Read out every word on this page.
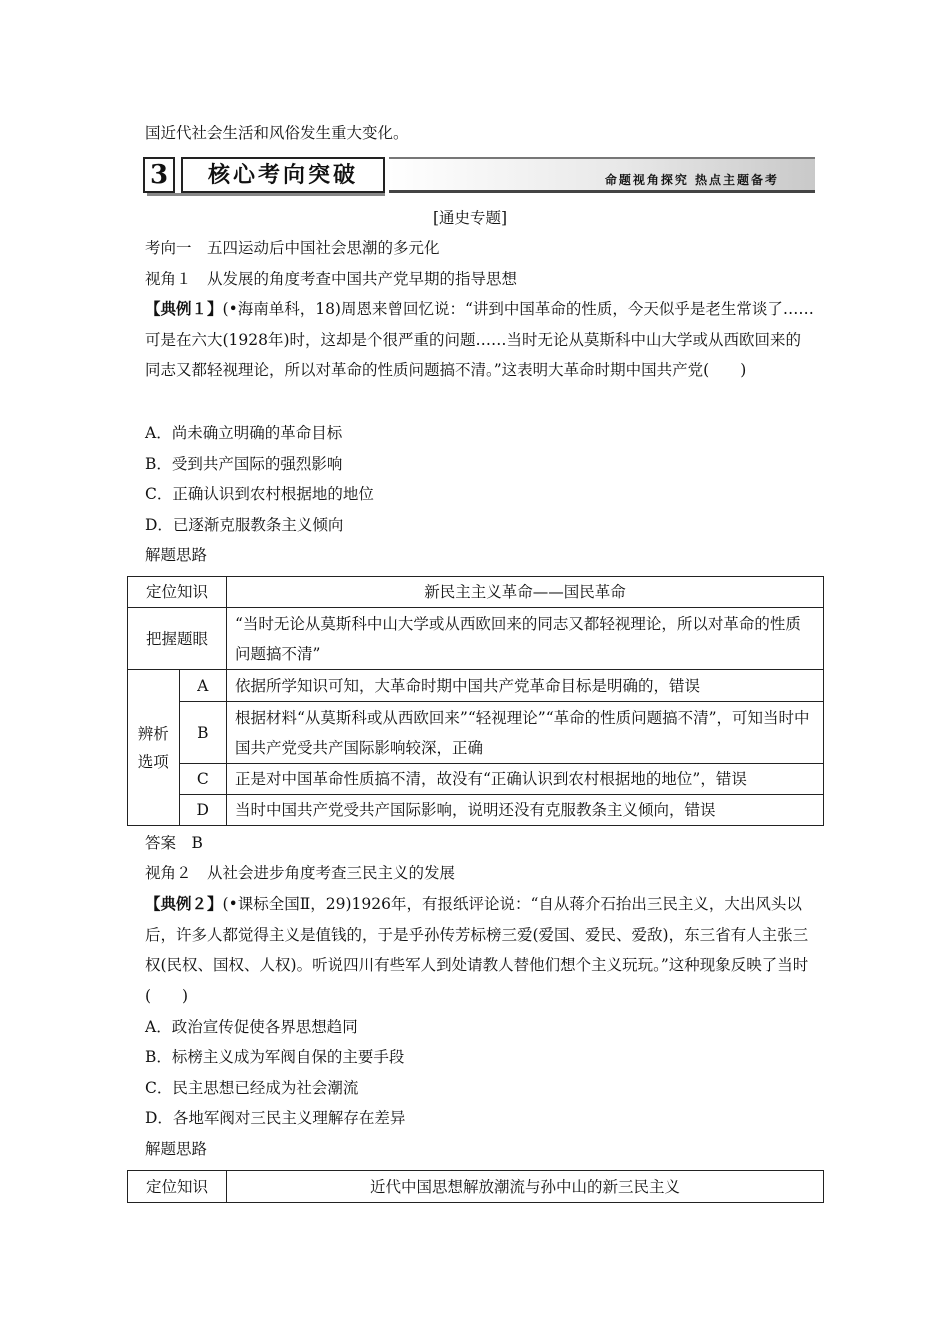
国近代社会生活和风俗发生重大变化。
3	核心考向突破	命题视角探究 热点主题备考
[通史专题]
考向一　五四运动后中国社会思潮的多元化
视角１　从发展的角度考查中国共产党早期的指导思想
【典例１】(•海南单科，18)周恩来曾回忆说：“讲到中国革命的性质，今天似乎是老生常谈了……可是在六大(1928年)时，这却是个很严重的问题……当时无论从莫斯科中山大学或从西欧回来的同志又都轻视理论，所以对革命的性质问题搞不清。”这表明大革命时期中国共产党(　　)
A．尚未确立明确的革命目标
B．受到共产国际的强烈影响
C．正确认识到农村根据地的地位
D．已逐渐克服教条主义倾向
解题思路
定位知识		新民主主义革命——国民革命
把握题眼		“当时无论从莫斯科中山大学或从西欧回来的同志又都轻视理论，所以对革命的性质问题搞不清”
辨析选项	A	依据所学知识可知，大革命时期中国共产党革命目标是明确的，错误
	B	根据材料“从莫斯科或从西欧回来”“轻视理论”“革命的性质问题搞不清”，可知当时中国共产党受共产国际影响较深，正确
	C	正是对中国革命性质搞不清，故没有“正确认识到农村根据地的地位”，错误
	D	当时中国共产党受共产国际影响，说明还没有克服教条主义倾向，错误
答案　B
视角２　从社会进步角度考查三民主义的发展
【典例２】(•课标全国Ⅱ，29)1926年，有报纸评论说：“自从蒋介石抬出三民主义，大出风头以后，许多人都觉得主义是值钱的，于是乎孙传芳标榜三爱(爱国、爱民、爱敌)，东三省有人主张三权(民权、国权、人权)。听说四川有些军人到处请教人替他们想个主义玩玩。”这种现象反映了当时(　　)
A．政治宣传促使各界思想趋同
B．标榜主义成为军阀自保的主要手段
C．民主思想已经成为社会潮流
D．各地军阀对三民主义理解存在差异
解题思路
定位知识	近代中国思想解放潮流与孙中山的新三民主义
